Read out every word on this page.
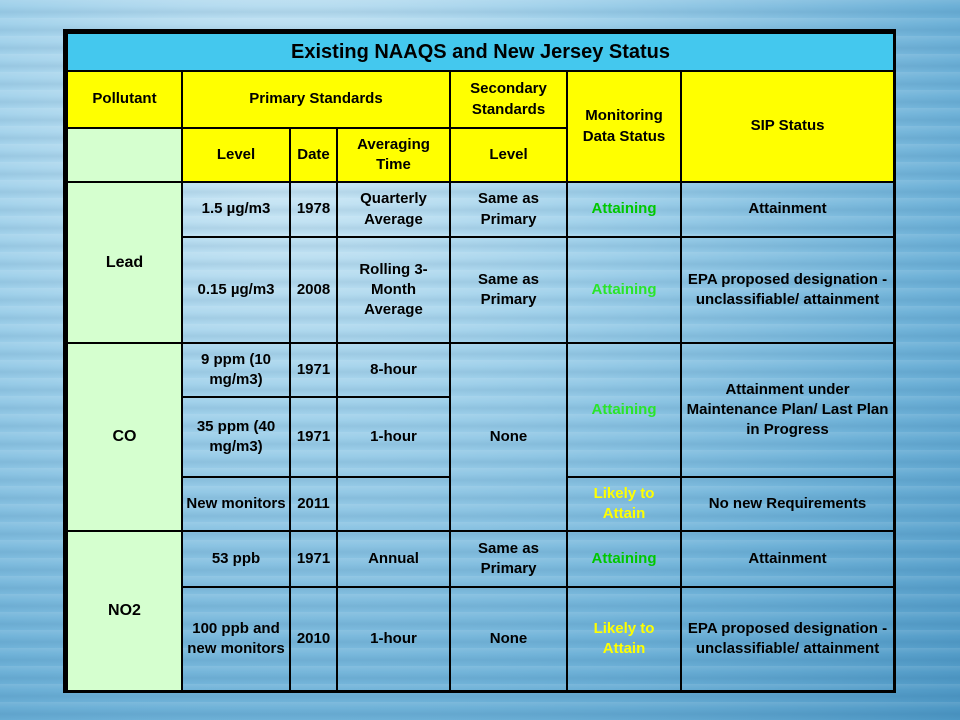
Existing NAAQS and New Jersey Status						
Pollutant	Primary Standards			Secondary Standards	Monitoring Data Status	SIP Status
	Level	Date	Averaging Time	Level		
Lead	1.5 µg/m3	1978	Quarterly Average	Same as Primary	Attaining	Attainment
	0.15 µg/m3	2008	Rolling 3-Month Average	Same as Primary	Attaining	EPA proposed designation - unclassifiable/ attainment
CO	9 ppm (10 mg/m3)	1971	8-hour	None	Attaining	Attainment under Maintenance Plan/ Last Plan in Progress
	35 ppm (40 mg/m3)	1971	1-hour			
	New monitors	2011			Likely to Attain	No new Requirements
NO2	53 ppb	1971	Annual	Same as Primary	Attaining	Attainment
	100 ppb and new monitors	2010	1-hour	None	Likely to Attain	EPA proposed designation - unclassifiable/ attainment
